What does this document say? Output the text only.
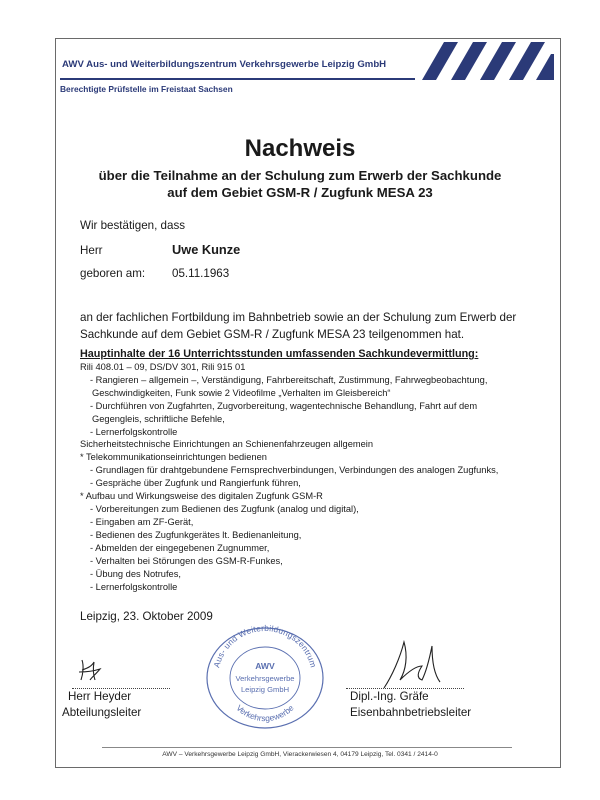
AWV Aus- und Weiterbildungszentrum Verkehrsgewerbe Leipzig GmbH
Berechtigte Prüfstelle im Freistaat Sachsen
Nachweis
über die Teilnahme an der Schulung zum Erwerb der Sachkunde
auf dem Gebiet GSM-R / Zugfunk MESA 23
Wir bestätigen, dass
Herr	Uwe Kunze
geboren am: 05.11.1963
an der fachlichen Fortbildung im Bahnbetrieb sowie an der Schulung zum Erwerb der
Sachkunde auf dem Gebiet GSM-R / Zugfunk MESA 23 teilgenommen hat.
Hauptinhalte der 16 Unterrichtsstunden umfassenden Sachkundevermittlung:
Rili 408.01 – 09, DS/DV 301, Rili 915 01
- Rangieren – allgemein –, Verständigung, Fahrbereitschaft, Zustimmung, Fahrwegbeobachtung,
Geschwindigkeiten, Funk sowie 2 Videofilme „Verhalten im Gleisbereich“
- Durchführen von Zugfahrten, Zugvorbereitung, wagentechnische Behandlung, Fahrt auf dem
Gegengleis, schriftliche Befehle,
- Lernerfolgskontrolle
Sicherheitstechnische Einrichtungen an Schienenfahrzeugen allgemein
* Telekommunikationseinrichtungen bedienen
- Grundlagen für drahtgebundene Fernsprechverbindungen, Verbindungen des analogen Zugfunks,
- Gespräche über Zugfunk und Rangierfunk führen,
* Aufbau und Wirkungsweise des digitalen Zugfunk GSM-R
- Vorbereitungen zum Bedienen des Zugfunk (analog und digital),
- Eingaben am ZF-Gerät,
- Bedienen des Zugfunkgerätes lt. Bedienanleitung,
- Abmelden der eingegebenen Zugnummer,
- Verhalten bei Störungen des GSM-R-Funkes,
- Übung des Notrufes,
- Lernerfolgskontrolle
Leipzig, 23. Oktober 2009
Herr Heyder
Abteilungsleiter
Aus- und Weiterbildungszentrum
Verkehrsgewerbe
AWV
Verkehrsgewerbe
Leipzig GmbH
Dipl.-Ing. Gräfe
Eisenbahnbetriebsleiter
AWV – Verkehrsgewerbe Leipzig GmbH, Vierackerwiesen 4, 04179 Leipzig, Tel. 0341 / 2414-0
